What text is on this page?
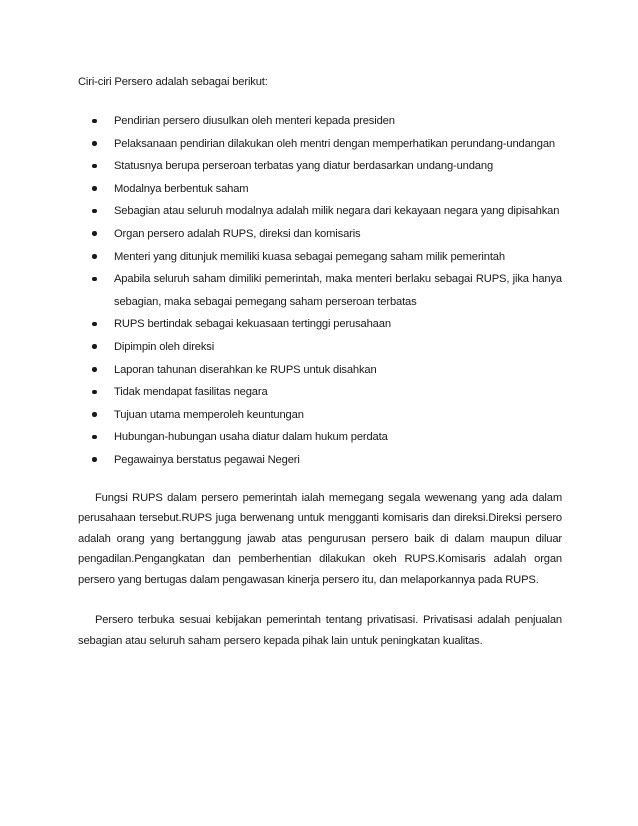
Ciri-ciri Persero adalah sebagai berikut:

Pendirian persero diusulkan oleh menteri kepada presiden
Pelaksanaan pendirian dilakukan oleh mentri dengan memperhatikan perundang-undangan
Statusnya berupa perseroan terbatas yang diatur berdasarkan undang-undang
Modalnya berbentuk saham
Sebagian atau seluruh modalnya adalah milik negara dari kekayaan negara yang dipisahkan
Organ persero adalah RUPS, direksi dan komisaris
Menteri yang ditunjuk memiliki kuasa sebagai pemegang saham milik pemerintah
Apabila seluruh saham dimiliki pemerintah, maka menteri berlaku sebagai RUPS, jika hanya sebagian, maka sebagai pemegang saham perseroan terbatas
RUPS bertindak sebagai kekuasaan tertinggi perusahaan
Dipimpin oleh direksi
Laporan tahunan diserahkan ke RUPS untuk disahkan
Tidak mendapat fasilitas negara
Tujuan utama memperoleh keuntungan
Hubungan-hubungan usaha diatur dalam hukum perdata
Pegawainya berstatus pegawai Negeri

Fungsi RUPS dalam persero pemerintah ialah memegang segala wewenang yang ada dalam perusahaan tersebut.RUPS juga berwenang untuk mengganti komisaris dan direksi.Direksi persero adalah orang yang bertanggung jawab atas pengurusan persero baik di dalam maupun diluar pengadilan.Pengangkatan dan pemberhentian dilakukan okeh RUPS.Komisaris adalah organ persero yang bertugas dalam pengawasan kinerja persero itu, dan melaporkannya pada RUPS.

Persero terbuka sesuai kebijakan pemerintah tentang privatisasi. Privatisasi adalah penjualan sebagian atau seluruh saham persero kepada pihak lain untuk peningkatan kualitas.
